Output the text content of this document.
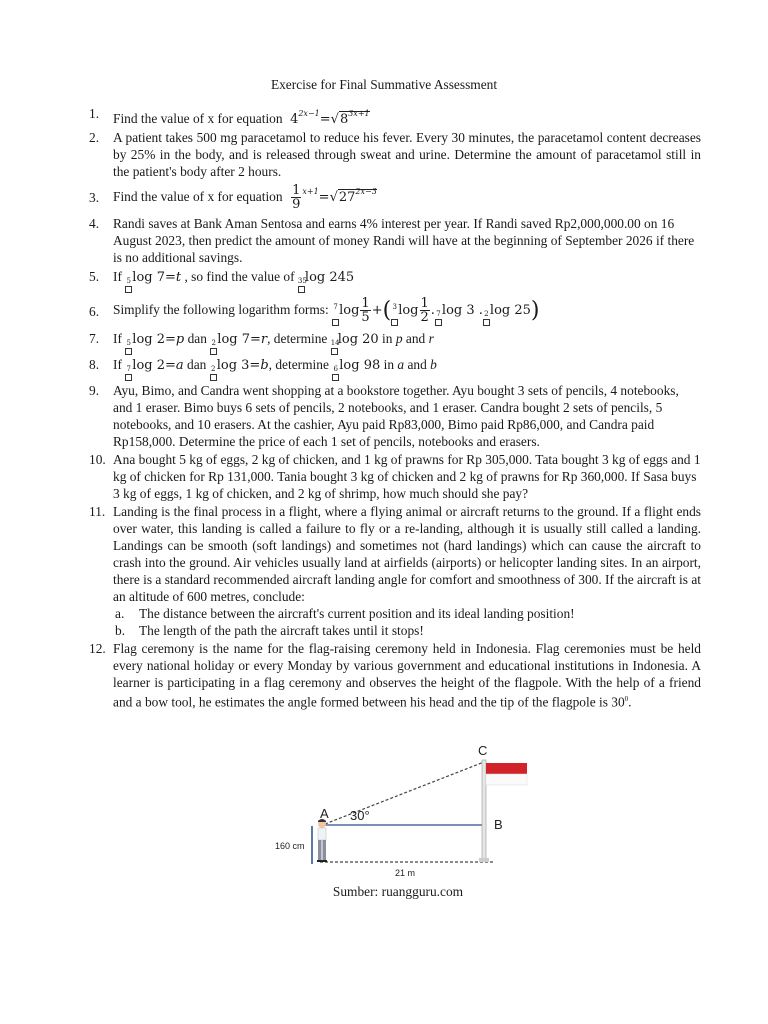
Exercise for Final Summative Assessment
1. Find the value of x for equation  $4^{2x-1}=√8^{3x+1}$
2. A patient takes 500 mg paracetamol to reduce his fever. Every 30 minutes, the paracetamol content decreases by 25% in the body, and is released through sweat and urine. Determine the amount of paracetamol still in the patient's body after 2 hours.
3. Find the value of x for equation $\frac{1}{9} ^{x+1}=√27^{2x-3}$
4. Randi saves at Bank Aman Sentosa and earns 4% interest per year. If Randi saved Rp2,000,000.00 on 16 August 2023, then predict the amount of money Randi will have at the beginning of September 2026 if there is no additional savings.
5. If 5
log 7=t , so find the value of 35
log 245
6. Simplify the following logarithm forms: 7

$\log \frac{1}{5} +(3$

$\log \frac{1}{2} .7$
log 3 .2
log 25)
7. If 5
log 2=p dan 2
log 7=r, determine 14
log 20 in p and r
8. If 7
log 2=a dan 2
log 3=b, determine 6
log 98 in a and b
9. Ayu, Bimo, and Candra went shopping at a bookstore together. Ayu bought 3 sets of pencils, 4 notebooks, and 1 eraser. Bimo buys 6 sets of pencils, 2 notebooks, and 1 eraser. Candra bought 2 sets of pencils, 5 notebooks, and 10 erasers. At the cashier, Ayu paid Rp83,000, Bimo paid Rp86,000, and Candra paid Rp158,000. Determine the price of each 1 set of pencils, notebooks and erasers.
10. Ana bought 5 kg of eggs, 2 kg of chicken, and 1 kg of prawns for Rp 305,000. Tata bought 3 kg of eggs and 1 kg of chicken for Rp 131,000. Tania bought 3 kg of chicken and 2 kg of prawns for Rp 360,000. If Sasa buys 3 kg of eggs, 1 kg of chicken, and 2 kg of shrimp, how much should she pay?
11. Landing is the final process in a flight, where a flying animal or aircraft returns to the ground. If a flight ends over water, this landing is called a failure to fly or a re-landing, although it is usually still called a landing. Landings can be smooth (soft landings) and sometimes not (hard landings) which can cause the aircraft to crash into the ground. Air vehicles usually land at airfields (airports) or helicopter landing sites. In an airport, there is a standard recommended aircraft landing angle for comfort and smoothness of 300. If the aircraft is at an altitude of 600 metres, conclude:
a. The distance between the aircraft's current position and its ideal landing position!
b. The length of the path the aircraft takes until it stops!
12. Flag ceremony is the name for the flag-raising ceremony held in Indonesia. Flag ceremonies must be held every national holiday or every Monday by various government and educational institutions in Indonesia. A learner is participating in a flag ceremony and observes the height of the flagpole. With the help of a friend and a bow tool, he estimates the angle formed between his head and the tip of the flagpole is $30^0$.
A
B
C
30°
160 cm
21 m
Sumber: ruangguru.com
